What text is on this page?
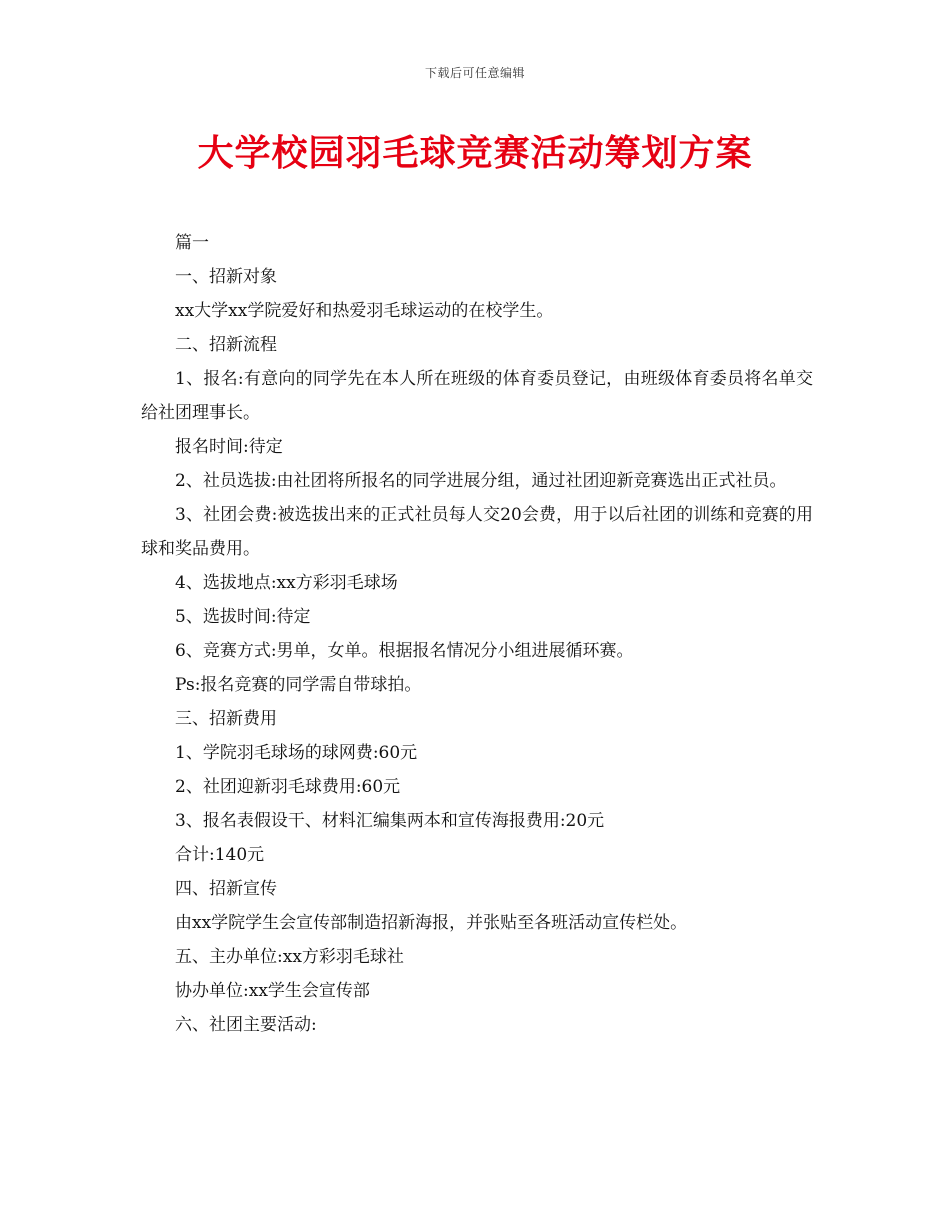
下载后可任意编辑
大学校园羽毛球竞赛活动筹划方案

篇一

一、招新对象

xx大学xx学院爱好和热爱羽毛球运动的在校学生。

二、招新流程

1、报名:有意向的同学先在本人所在班级的体育委员登记，由班级体育委员将名单交给社团理事长。

报名时间:待定

2、社员选拔:由社团将所报名的同学进展分组，通过社团迎新竞赛选出正式社员。

3、社团会费:被选拔出来的正式社员每人交20会费，用于以后社团的训练和竞赛的用球和奖品费用。

4、选拔地点:xx方彩羽毛球场

5、选拔时间:待定

6、竞赛方式:男单，女单。根据报名情况分小组进展循环赛。

Ps:报名竞赛的同学需自带球拍。

三、招新费用

1、学院羽毛球场的球网费:60元

2、社团迎新羽毛球费用:60元

3、报名表假设干、材料汇编集两本和宣传海报费用:20元

合计:140元

四、招新宣传

由xx学院学生会宣传部制造招新海报，并张贴至各班活动宣传栏处。

五、主办单位:xx方彩羽毛球社

协办单位:xx学生会宣传部

六、社团主要活动:
